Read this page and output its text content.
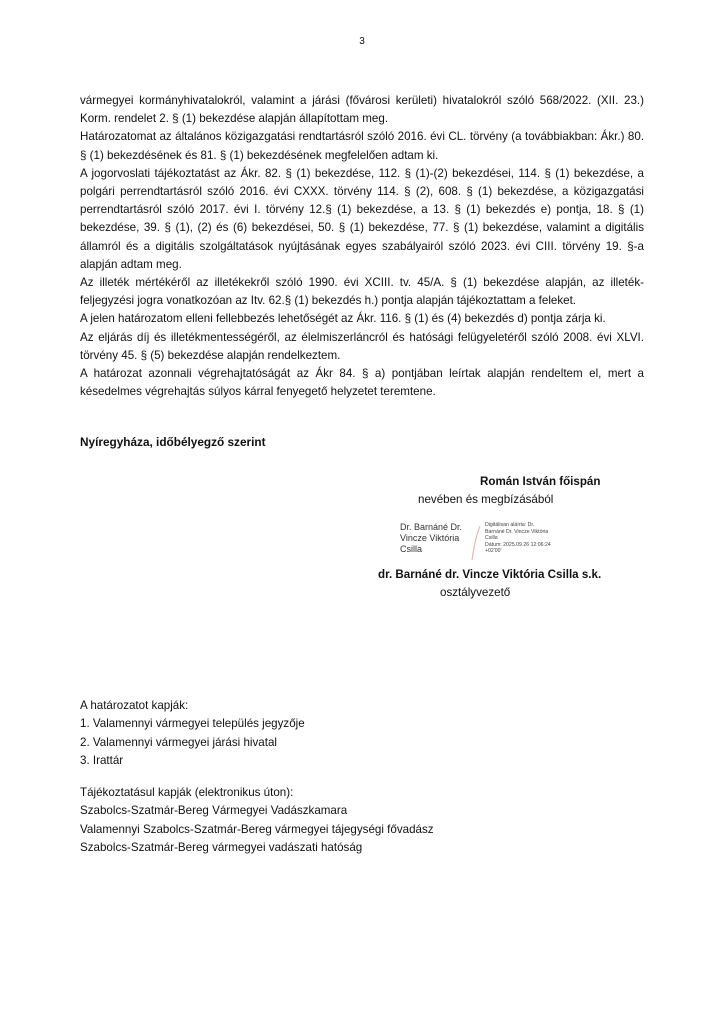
3

vármegyei kormányhivatalokról, valamint a járási (fővárosi kerületi) hivatalokról szóló 568/2022. (XII. 23.) Korm. rendelet 2. § (1) bekezdése alapján állapítottam meg.

Határozatomat az általános közigazgatási rendtartásról szóló 2016. évi CL. törvény (a továbbiakban: Ákr.) 80. § (1) bekezdésének és 81. § (1) bekezdésének megfelelően adtam ki.

A jogorvoslati tájékoztatást az Ákr. 82. § (1) bekezdése, 112. § (1)-(2) bekezdései, 114. § (1) bekezdése, a polgári perrendtartásról szóló 2016. évi CXXX. törvény 114. § (2), 608. § (1) bekezdése, a közigazgatási perrendtartásról szóló 2017. évi I. törvény 12.§ (1) bekezdése, a 13. § (1) bekezdés e) pontja, 18. § (1) bekezdése, 39. § (1), (2) és (6) bekezdései, 50. § (1) bekezdése, 77. § (1) bekezdése, valamint a digitális államról és a digitális szolgáltatások nyújtásának egyes szabályairól szóló 2023. évi CIII. törvény 19. §-a alapján adtam meg.

Az illeték mértékéről az illetékekről szóló 1990. évi XCIII. tv. 45/A. § (1) bekezdése alapján, az illeték-feljegyzési jogra vonatkozóan az Itv. 62.§ (1) bekezdés h.) pontja alapján tájékoztattam a feleket.

A jelen határozatom elleni fellebbezés lehetőségét az Ákr. 116. § (1) és (4) bekezdés d) pontja zárja ki.

Az eljárás díj és illetékmentességéről, az élelmiszerláncról és hatósági felügyeletéről szóló 2008. évi XLVI. törvény 45. § (5) bekezdése alapján rendelkeztem.

A határozat azonnali végrehajtatóságát az Ákr 84. § a) pontjában leírtak alapján rendeltem el, mert a késedelmes végrehajtás súlyos kárral fenyegető helyzetet teremtene.

Nyíregyháza, időbélyegző szerint
Román István főispán
nevében és megbízásából
Dr. Barnáné Dr.
Vincze Viktória
Csilla
Digitálisan aláírta: Dr.
Barnáné Dr. Vincze Viktória
Csilla
Dátum: 2025.09.26 12:06:24
+02'00'
dr. Barnáné dr. Vincze Viktória Csilla s.k.
osztályvezető
A határozatot kapják:
1. Valamennyi vármegyei település jegyzője
2. Valamennyi vármegyei járási hivatal
3. Irattár
Tájékoztatásul kapják (elektronikus úton):
Szabolcs-Szatmár-Bereg Vármegyei Vadászkamara
Valamennyi Szabolcs-Szatmár-Bereg vármegyei tájegységi fővadász
Szabolcs-Szatmár-Bereg vármegyei vadászati hatóság
